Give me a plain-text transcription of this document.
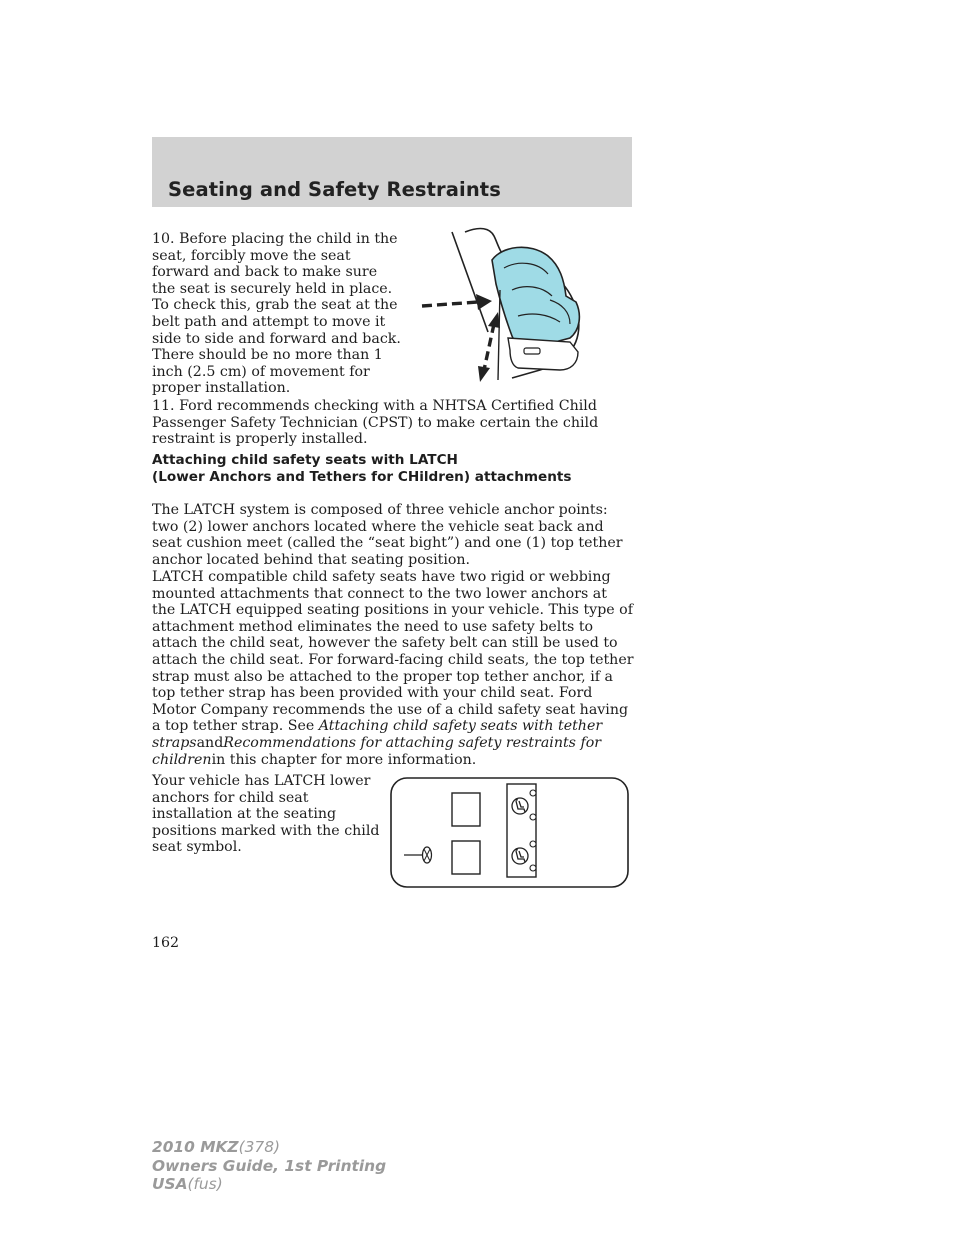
Seating and Safety Restraints

10. Before placing the child in the seat, forcibly move the seat forward and back to make sure the seat is securely held in place. To check this, grab the seat at the belt path and attempt to move it side to side and forward and back. There should be no more than 1 inch (2.5 cm) of movement for proper installation.

11. Ford recommends checking with a NHTSA Certified Child Passenger Safety Technician (CPST) to make certain the child restraint is properly installed.

Attaching child safety seats with LATCH
(Lower Anchors and Tethers for CHildren) attachments

The LATCH system is composed of three vehicle anchor points: two (2) lower anchors located where the vehicle seat back and seat cushion meet (called the “seat bight”) and one (1) top tether anchor located behind that seating position.

LATCH compatible child safety seats have two rigid or webbing mounted attachments that connect to the two lower anchors at the LATCH equipped seating positions in your vehicle. This type of attachment method eliminates the need to use safety belts to attach the child seat, however the safety belt can still be used to attach the child seat. For forward-facing child seats, the top tether strap must also be attached to the proper top tether anchor, if a top tether strap has been provided with your child seat. Ford Motor Company recommends the use of a child safety seat having a top tether strap. See Attaching child safety seats with tether strapsandRecommendations for attaching safety restraints for childrenin this chapter for more information.

Your vehicle has LATCH lower anchors for child seat installation at the seating positions marked with the child seat symbol.

162

2010 MKZ(378)
Owners Guide, 1st Printing
USA(fus)
